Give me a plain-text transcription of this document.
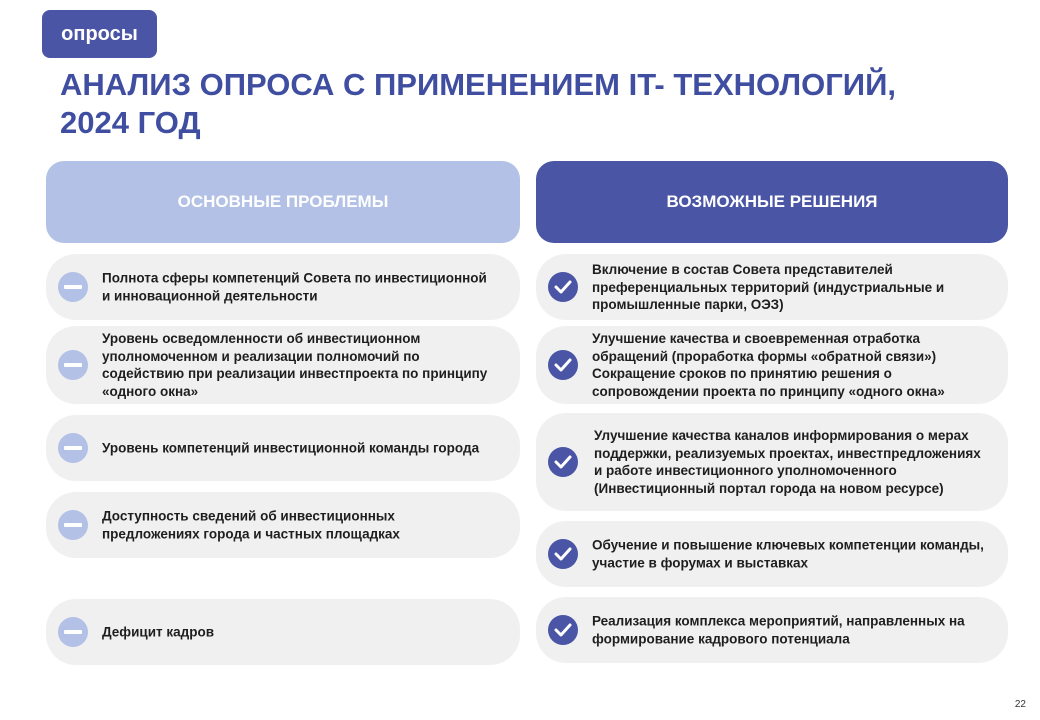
опросы
АНАЛИЗ ОПРОСА С ПРИМЕНЕНИЕМ IT- ТЕХНОЛОГИЙ,
2024 ГОД
ОСНОВНЫЕ ПРОБЛЕМЫ	ВОЗМОЖНЫЕ РЕШЕНИЯ

Полнота сферы компетенций Совета по инвестиционной и инновационной деятельности

Уровень осведомленности об инвестиционном уполномоченном и реализации полномочий по содействию при реализации инвестпроекта по принципу «одного окна»

Уровень компетенций инвестиционной команды города

Доступность сведений об инвестиционных предложениях города и частных площадках

Дефицит кадров

Включение в состав Совета представителей преференциальных территорий (индустриальные и промышленные парки, ОЭЗ)

Улучшение качества и своевременная отработка обращений (проработка формы «обратной связи») Сокращение сроков по принятию решения о сопровождении проекта по принципу «одного окна»

Улучшение качества каналов информирования о мерах поддержки, реализуемых проектах, инвестпредложениях и работе инвестиционного уполномоченного (Инвестиционный портал города на новом ресурсе)

Обучение и повышение ключевых компетенции команды, участие в форумах и выставках

Реализация комплекса мероприятий, направленных на формирование кадрового потенциала

22
